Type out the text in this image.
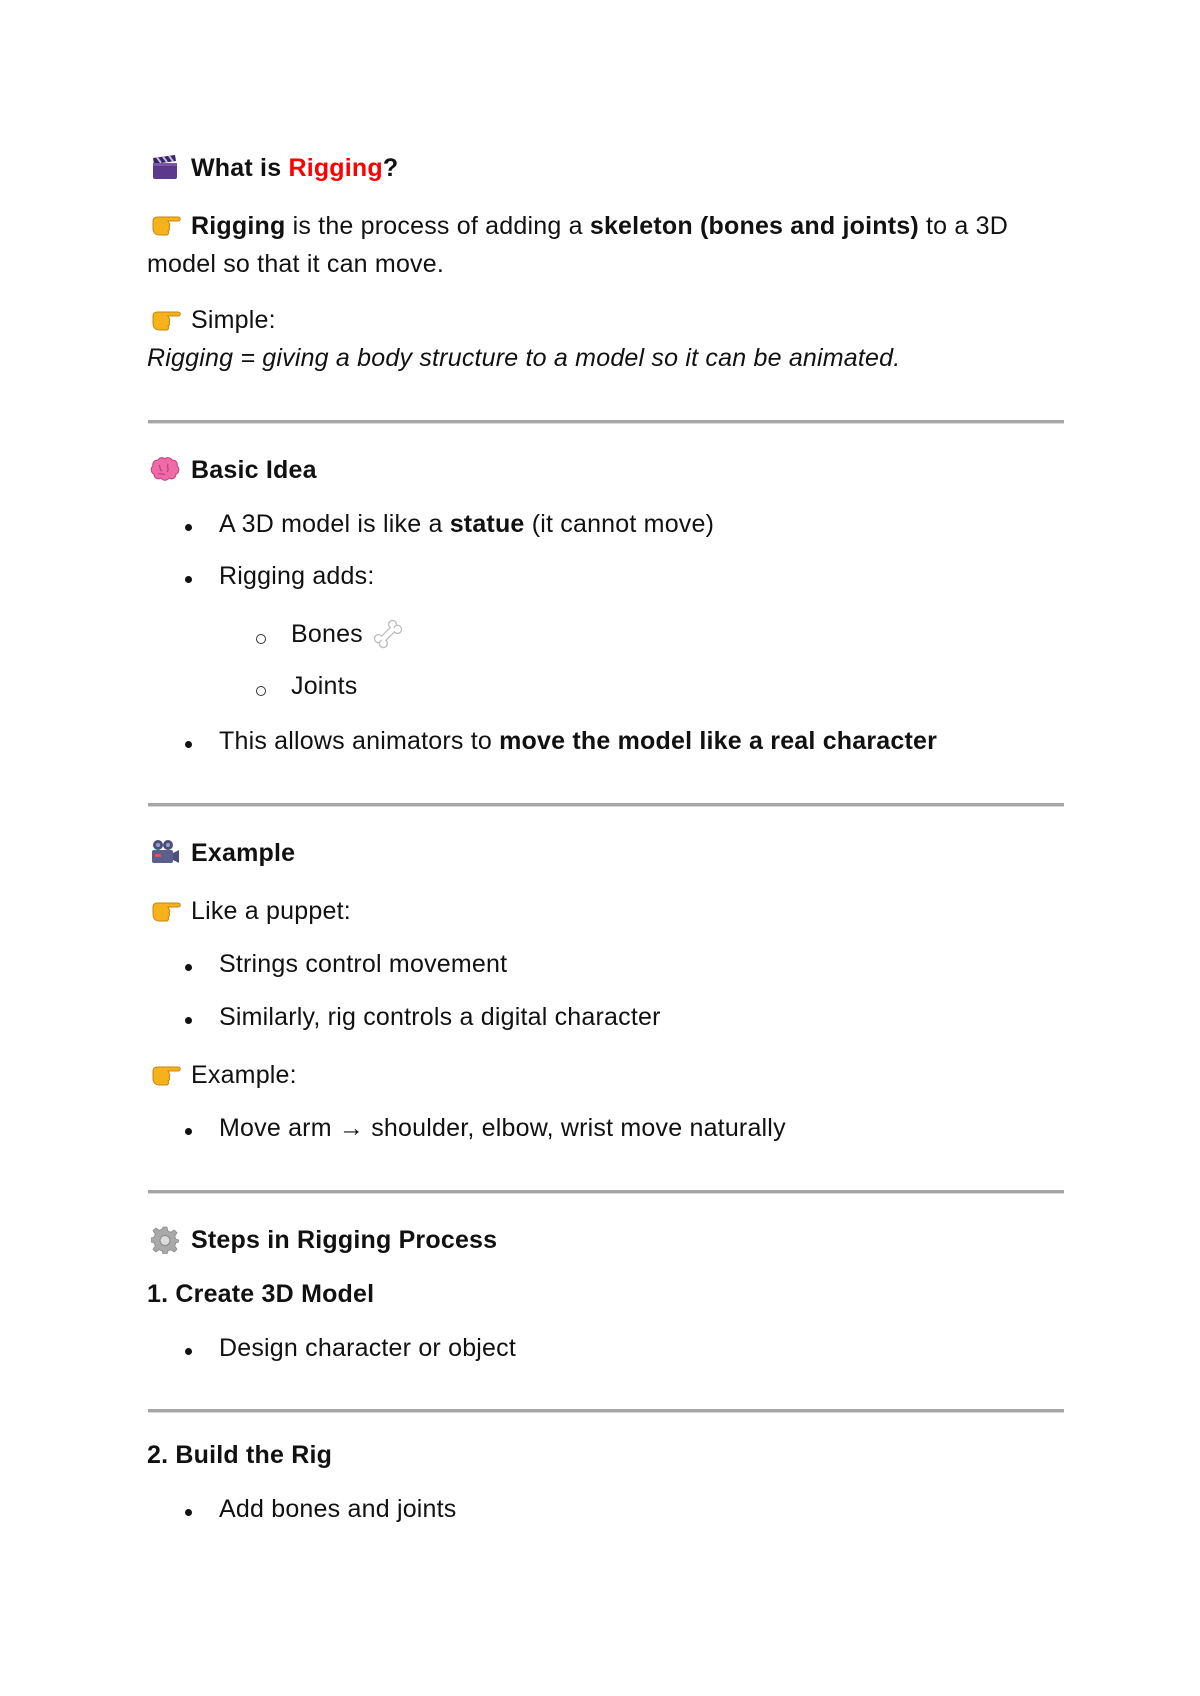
What is Rigging?
Rigging is the process of adding a skeleton (bones and joints) to a 3D
model so that it can move.
Simple:
Rigging = giving a body structure to a model so it can be animated.
Basic Idea
A 3D model is like a statue (it cannot move)
Rigging adds:
Bones
Joints
This allows animators to move the model like a real character
Example
Like a puppet:
Strings control movement
Similarly, rig controls a digital character
Example:
Move arm → shoulder, elbow, wrist move naturally
Steps in Rigging Process
1. Create 3D Model
Design character or object
2. Build the Rig
Add bones and joints
